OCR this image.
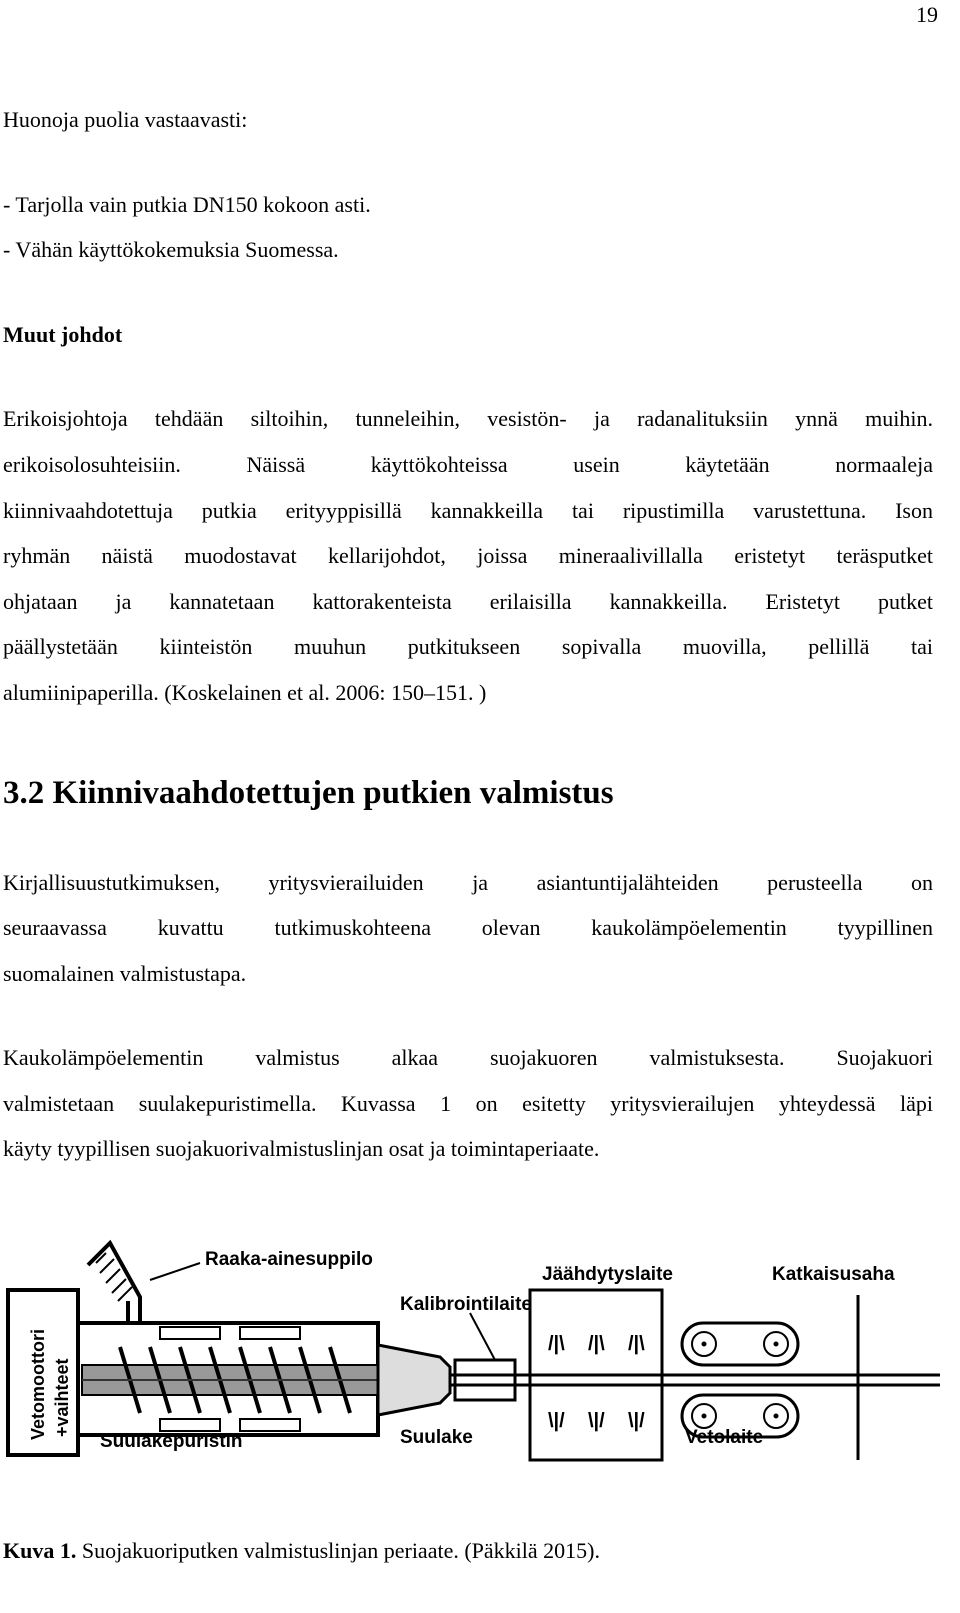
19
Huonoja puolia vastaavasti:
- Tarjolla vain putkia DN150 kokoon asti.
- Vähän käyttökokemuksia Suomessa.
Muut johdot
Erikoisjohtoja tehdään siltoihin, tunneleihin, vesistön- ja radanalituksiin ynnä muihin.
erikoisolosuhteisiin. Näissä käyttökohteissa usein käytetään normaaleja
kiinnivaahdotettuja putkia erityyppisillä kannakkeilla tai ripustimilla varustettuna. Ison
ryhmän näistä muodostavat kellarijohdot, joissa mineraalivillalla eristetyt teräsputket
ohjataan ja kannatetaan kattorakenteista erilaisilla kannakkeilla. Eristetyt putket
päällystetään kiinteistön muuhun putkitukseen sopivalla muovilla, pellillä tai
alumiinipaperilla. (Koskelainen et al. 2006: 150–151. )
3.2 Kiinnivaahdotettujen putkien valmistus
Kirjallisuustutkimuksen, yritysvierailuiden ja asiantuntijalähteiden perusteella on
seuraavassa kuvattu tutkimuskohteena olevan kaukolämpöelementin tyypillinen
suomalainen valmistustapa.
Kaukolämpöelementin valmistus alkaa suojakuoren valmistuksesta. Suojakuori
valmistetaan suulakepuristimella. Kuvassa 1 on esitetty yritysvierailujen yhteydessä läpi
käyty tyypillisen suojakuorivalmistuslinjan osat ja toimintaperiaate.
Vetomoottori +vaihteet
Raaka-ainesuppilo
Suulakepuristin	Suulake
Kalibrointilaite
Jäähdytyslaite
/|\ /|\ /|\
\|/ \|/ \|/
Vetolaite
Katkaisusaha
Kuva 1. Suojakuoriputken valmistuslinjan periaate. (Päkkilä 2015).
